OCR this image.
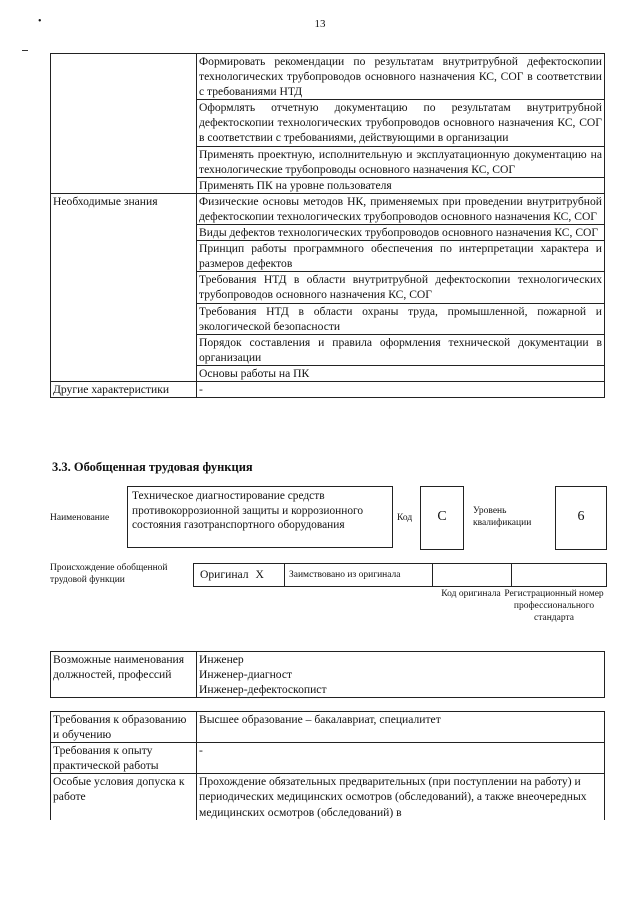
13
•
	Формировать рекомендации по результатам внутритрубной дефектоскопии технологических трубопроводов основного назначения КС, СОГ в соответствии с требованиями НТД
	Оформлять отчетную документацию по результатам внутритрубной дефектоскопии технологических трубопроводов основного назначения КС, СОГ в соответствии с требованиями, действующими в организации
	Применять проектную, исполнительную и эксплуатационную документацию на технологические трубопроводы основного назначения КС, СОГ
	Применять ПК на уровне пользователя
Необходимые знания	Физические основы методов НК, применяемых при проведении внутритрубной дефектоскопии технологических трубопроводов основного назначения КС, СОГ
	Виды дефектов технологических трубопроводов основного назначения КС, СОГ
	Принцип работы программного обеспечения по интерпретации характера и размеров дефектов
	Требования НТД в области внутритрубной дефектоскопии технологических трубопроводов основного назначения КС, СОГ
	Требования НТД в области охраны труда, промышленной, пожарной и экологической безопасности
	Порядок составления и правила оформления технической документации в организации
	Основы работы на ПК
Другие характеристики	-
3.3. Обобщенная трудовая функция
Наименование
Техническое диагностирование средств противокоррозионной защиты и коррозионного состояния газотранспортного оборудования
Код	С	Уровень квалификации	6
Происхождение обобщенной трудовой функции	Оригинал X	Заимствовано из оригинала
Код оригинала Регистрационный номер профессионального стандарта
Возможные наименования должностей, профессий	
Инженер
Инженер-диагност
Инженер-дефектоскопист
Требования к образованию и обучению	Высшее образование – бакалавриат, специалитет
Требования к опыту практической работы	-
Особые условия допуска к работе	Прохождение обязательных предварительных (при поступлении на работу) и периодических медицинских осмотров (обследований), а также внеочередных медицинских осмотров (обследований) в
